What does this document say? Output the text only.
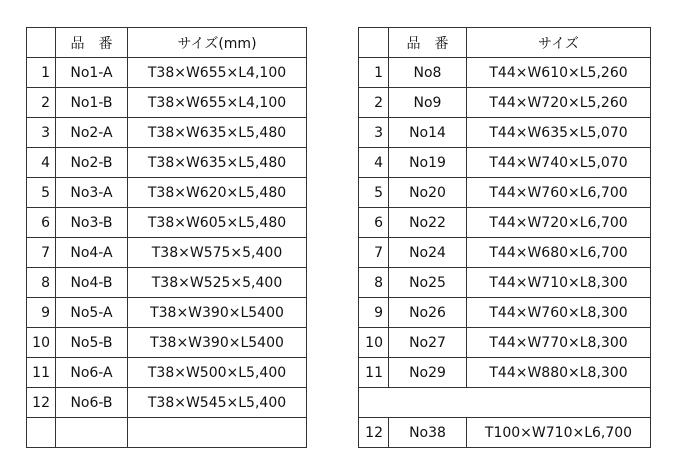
	品　番	サイズ(mm)
1	No1-A	T38×W655×L4,100
2	No1-B	T38×W655×L4,100
3	No2-A	T38×W635×L5,480
4	No2-B	T38×W635×L5,480
5	No3-A	T38×W620×L5,480
6	No3-B	T38×W605×L5,480
7	No4-A	T38×W575×5,400
8	No4-B	T38×W525×5,400
9	No5-A	T38×W390×L5400
10	No5-B	T38×W390×L5400
11	No6-A	T38×W500×L5,400
12	No6-B	T38×W545×L5,400

	品　番	サイズ
1	No8	T44×W610×L5,260
2	No9	T44×W720×L5,260
3	No14	T44×W635×L5,070
4	No19	T44×W740×L5,070
5	No20	T44×W760×L6,700
6	No22	T44×W720×L6,700
7	No24	T44×W680×L6,700
8	No25	T44×W710×L8,300
9	No26	T44×W760×L8,300
10	No27	T44×W770×L8,300
11	No29	T44×W880×L8,300

12	No38	T100×W710×L6,700
